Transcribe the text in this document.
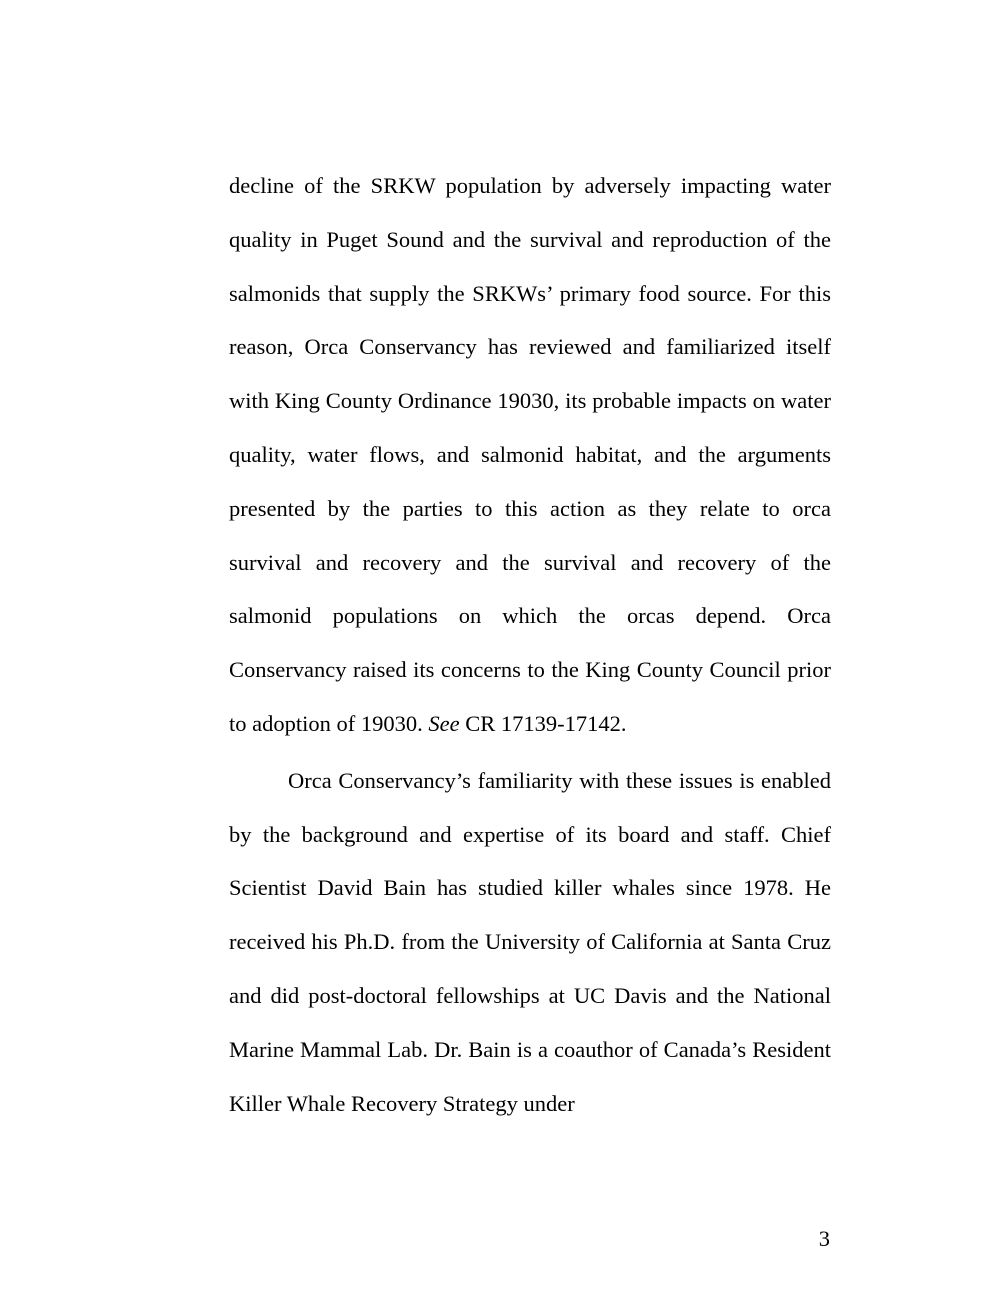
decline of the SRKW population by adversely impacting water quality in Puget Sound and the survival and reproduction of the salmonids that supply the SRKWs’ primary food source. For this reason, Orca Conservancy has reviewed and familiarized itself with King County Ordinance 19030, its probable impacts on water quality, water flows, and salmonid habitat, and the arguments presented by the parties to this action as they relate to orca survival and recovery and the survival and recovery of the salmonid populations on which the orcas depend. Orca Conservancy raised its concerns to the King County Council prior to adoption of 19030. See CR 17139-17142.

Orca Conservancy’s familiarity with these issues is enabled by the background and expertise of its board and staff. Chief Scientist David Bain has studied killer whales since 1978. He received his Ph.D. from the University of California at Santa Cruz and did post-doctoral fellowships at UC Davis and the National Marine Mammal Lab. Dr. Bain is a coauthor of Canada’s Resident Killer Whale Recovery Strategy under

3
